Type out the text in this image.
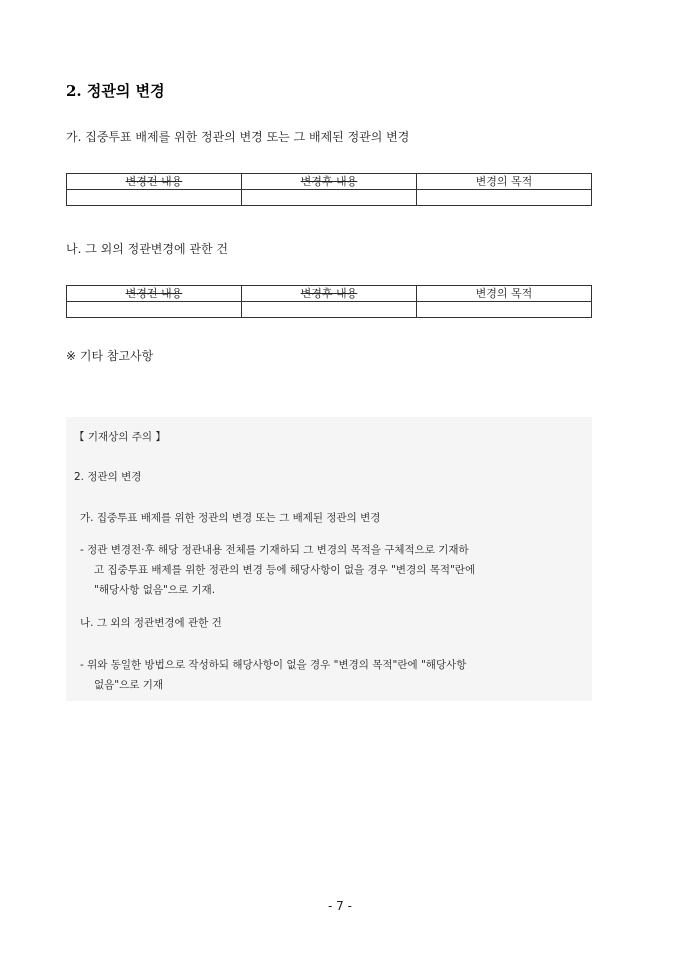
2. 정관의 변경
가. 집중투표 배제를 위한 정관의 변경 또는 그 배제된 정관의 변경
변경전 내용	변경후 내용	변경의 목적

나. 그 외의 정관변경에 관한 건
변경전 내용	변경후 내용	변경의 목적

※ 기타 참고사항
【 기재상의 주의 】
2. 정관의 변경
가. 집중투표 배제를 위한 정관의 변경 또는 그 배제된 정관의 변경
- 정관 변경전·후 해당 정관내용 전체를 기재하되 그 변경의 목적을 구체적으로 기재하
고 집중투표 배제를 위한 정관의 변경 등에 해당사항이 없을 경우 "변경의 목적"란에
"해당사항 없음"으로 기재.
나. 그 외의 정관변경에 관한 건
- 위와 동일한 방법으로 작성하되 해당사항이 없을 경우 "변경의 목적"란에 "해당사항
없음"으로 기재
- 7 -
